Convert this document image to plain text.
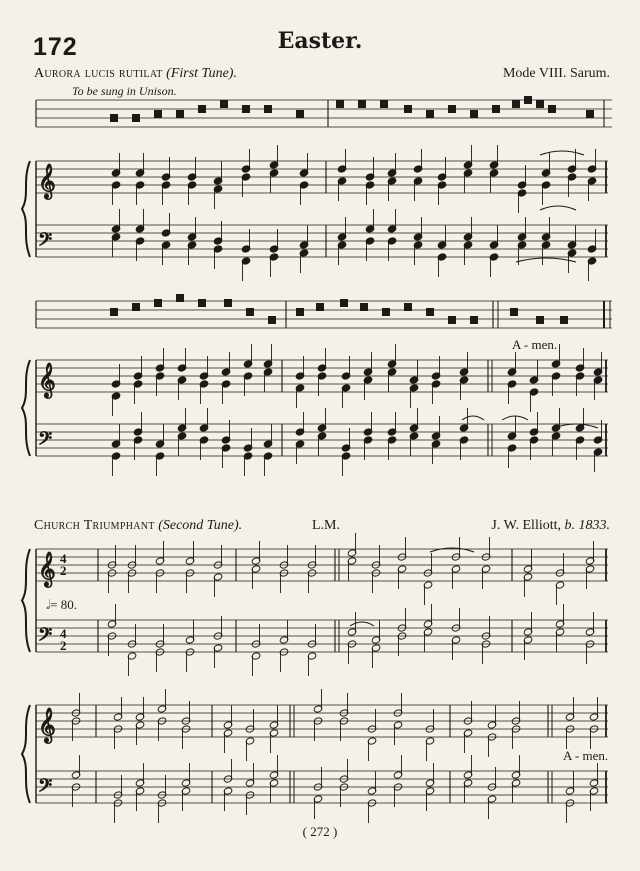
172	Easter.
Aurora lucis rutilat (First Tune).	Mode VIII. Sarum.
To be sung in Unison.
Church Triumphant (Second Tune).	L.M.	J. W. Elliott, b. 1833.
𝄞
𝄢
𝄞
𝄢
𝄞
𝄢
𝄞
𝄢
A - men.
A - men.
𝅗𝅥= 80.
4
2
4
2
( 272 )
